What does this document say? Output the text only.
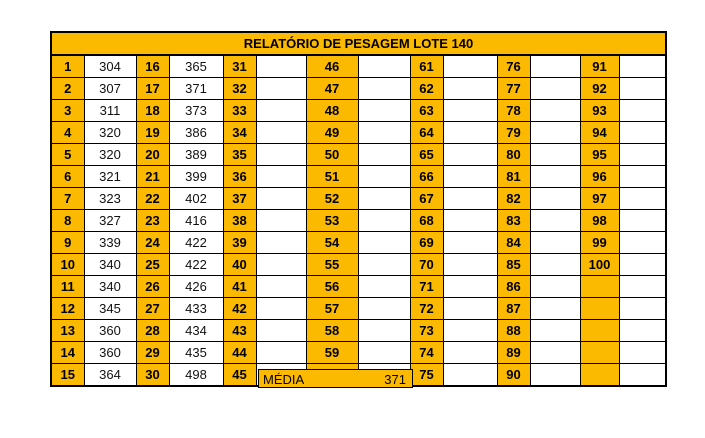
RELATÓRIO DE PESAGEM LOTE 140													
1	304	16	365	31		46		61		76		91	
2	307	17	371	32		47		62		77		92	
3	311	18	373	33		48		63		78		93	
4	320	19	386	34		49		64		79		94	
5	320	20	389	35		50		65		80		95	
6	321	21	399	36		51		66		81		96	
7	323	22	402	37		52		67		82		97	
8	327	23	416	38		53		68		83		98	
9	339	24	422	39		54		69		84		99	
10	340	25	422	40		55		70		85		100	
11	340	26	426	41		56		71		86			
12	345	27	433	42		57		72		87			
13	360	28	434	43		58		73		88			
14	360	29	435	44		59		74		89			
15	364	30	498	45				75		90			
MÉDIA	371
